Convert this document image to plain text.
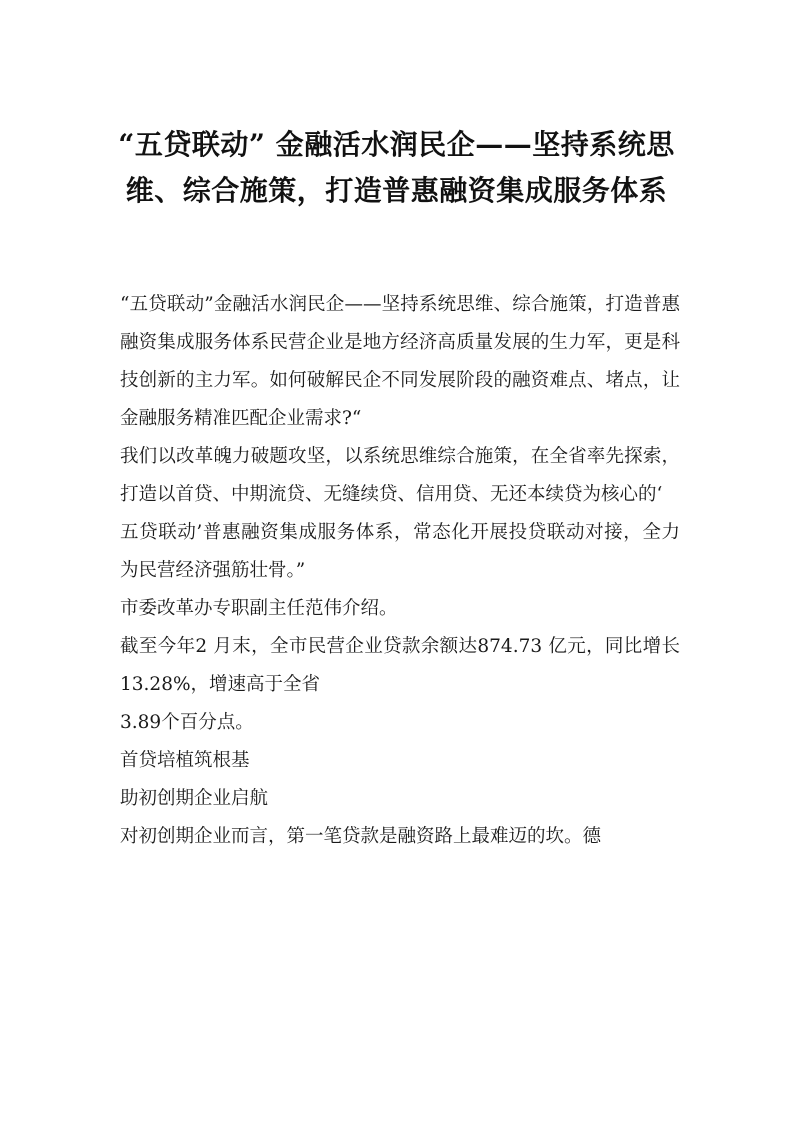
“五贷联动” 金融活水润民企——坚持系统思维、综合施策，打造普惠融资集成服务体系

“五贷联动”金融活水润民企——坚持系统思维、综合施策，打造普惠融资集成服务体系民营企业是地方经济高质量发展的生力军，更是科技创新的主力军。如何破解民企不同发展阶段的融资难点、堵点，让金融服务精准匹配企业需求?“

我们以改革魄力破题攻坚，以系统思维综合施策，在全省率先探索，打造以首贷、中期流贷、无缝续贷、信用贷、无还本续贷为核心的‘

五贷联动’普惠融资集成服务体系，常态化开展投贷联动对接，全力为民营经济强筋壮骨。”

市委改革办专职副主任范伟介绍。

截至今年2 月末，全市民营企业贷款余额达874.73 亿元，同比增长13.28%，增速高于全省

3.89个百分点。

首贷培植筑根基

助初创期企业启航

对初创期企业而言，第一笔贷款是融资路上最难迈的坎。德
